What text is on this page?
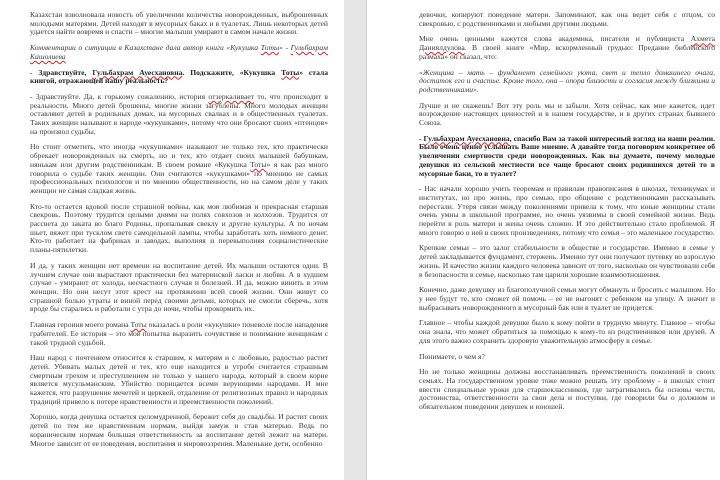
Казахстан взволновала новость об увеличении количества новорожденных, выброшенных молодыми матерями. Детей находят в мусорных баках и в туалетах. Лишь некоторых детей удается найти вовремя и спасти – многие малыши умирают в самом начале жизни.

Комментарии о ситуации в Казахстане дала автор книги «Кукушка Тоты» - Гульбахрам Кашолиева

- Здравствуйте, Гульбахрам Ауесхановна. Подскажите, «Кукушка Тоты» стала книгой, отражающей нашу реальность?

- Здравствуйте. Да, к горькому сожалению, история отзеркаливает то, что происходит в реальности. Много детей брошены, многие жизни загублены. Много молодых женщин оставляют детей в родильных домах, на мусорных свалках и в общественных туалетах. Таких женщин называют в народе «кукушками», потому что они бросают своих «птенцов» на произвол судьбы.

Но стоит отметить, что иногда «кукушками» называют не только тех, кто практически обрекает новорожденных на смерть, но и тех, кто отдает своих малышей бабушкам, нянькам или другим родственникам. В своем романе «Кукушка Тоты» я как раз много говорила о судьбе таких женщин. Они считаются «кукушками» по мнению не самых профессиональных психологов и по мнению общественности, но на самом деле у таких женщин не самая сладкая жизнь.

Кто-то остается вдовой после страшной войны, как моя любимая и прекрасная старшая свекровь. Поэтому трудится целыми днями на полях совхозов и колхозов. Трудится от рассвета до заката во благо Родины, пропалывая свеклу и другие культуры. А по ночам шьет, вяжет при тусклом свете самодельной лампы, чтобы заработать хоть немного денег. Кто-то работает на фабриках и заводах, выполняя и перевыполняя социалистические планы-пятилетки.

И да, у таких женщин нет времени на воспитание детей. Их малыши остаются одни. В лучшем случае они вырастают практически без материнской ласки и любви. А в худшем случае - умирают от холода, несчастного случая и болезней. И да, можно винить в этом женщин. Но они несут этот крест на протяжении всей своей жизни. Они живут со страшной болью утраты и виной перед своими детьми, которых не смогли сберечь, хотя вроде бы старались и работали с утра до ночи, чтобы прокормить их.

Главная героиня моего романа Тоты оказалась в роли «кукушки» поневоле после нападения грабителей. Ее история – это моя попытка выразить сочувствие и понимание женщинам с такой трудной судьбой.

Наш народ с почтением относится к старшим, к матерям и с любовью, радостью растит детей. Убивать малых детей и тех, кто еще находится в утробе считается страшным смертным грехом и преступлением не только у нашего народа, который в своем корне является мусульманским. Убийство порицается всеми верующими народами. И мне кажется, что разрушение мечетей и церквей, отдаление от религиозных правил и народных традиций привело к потере нравственности и преемственности поколений.

Хорошо, когда девушка остается целомудренной, бережет себя до свадьбы. И растит своих детей по тем же нравственным нормам, выйдя замуж и став матерью. Ведь по кораническим нормам большая ответственность за воспитание детей лежит на матери. Многое зависит от ее поведения, воспитания и мировоззрения. Маленькие дети, особенно

девочки, копируют поведение матери. Запоминают, как она ведет себя с отцом, со свекровью, с родственниками и любыми другими людьми.

Мне очень ценными кажутся слова академика, писателя и публициста Ахмета Даниялдулова. В своей книге «Мир, вскормленный грудью: Предание библейского размаха» он сказал, что:

«Женщина – мать – фундамент семейного уюта, свет и тепло домашнего очага, достаток его и счастье. Кроме того, она – опора близости и согласия между близкими и родственниками».

Лучше и не скажешь! Вот эту роль мы и забыли. Хотя сейчас, как мне кажется, идет возрождение настоящих ценностей и в нашем государстве, и в других странах бывшего Союза.

- Гульбахрам Ауесхановна, спасибо Вам за такой интересный взгляд на наши реалии. Было очень ценно услышать Ваше мнение. А давайте тогда поговорим конкретнее об увеличении смертности среди новорожденных. Как вы думаете, почему молодые девушки из сельской местности все чаще бросают своих родившихся детей то в мусорные баки, то в туалет?

- Нас начали хорошо учить теоремам и правилам правописания в школах, техникумах и институтах, но про жизнь, про семью, про общение с родственниками рассказывать перестали. Утеря связи между поколениями привела к тому, что юные женщины стали очень умны в школьной программе, но очень уязвимы в своей семейной жизни. Ведь перейти в роль матери и жены очень сложно. И это действительно стало проблемой. Я много говорю о ней в своих произведениях, потому что семья – это маленькое государство.

Крепкие семьи – это залог стабильности в обществе и государстве. Именно в семье у детей закладывается фундамент, стержень. Именно тут они получают путевку во взрослую жизнь. И качество жизни каждого человека зависит от того, насколько он чувствовали себя в безопасности в семье, насколько там царили хорошие взаимоотношения.

Конечно, даже девушку из благополучной семьи могут обмануть и бросить с малышом. Но у нее будут те, кто сможет ей помочь – ее не выгонят с ребенком на улицу. А значит и выбрасывать новорожденного в мусорный бак или в туалет не придется.

Главное – чтобы каждой девушке было к кому пойти в трудную минуту. Главное – чтобы она знала, что может обратиться за помощью к кому-то из родственников или друзей. А для этого важно сохранить здоровую уважительную атмосферу в семье.

Понимаете, о чем я?

Но не только женщины должны восстанавливать преемственность поколений в своих семьях. На государственном уровне тоже можно решать эту проблему - в школах стоит ввести специальные уроки для старшеклассников, где затрагивались бы основы чести, достоинства, ответственности за свои дела и поступки, где говорили бы о должном и обязательном поведении девушек и юношей.
